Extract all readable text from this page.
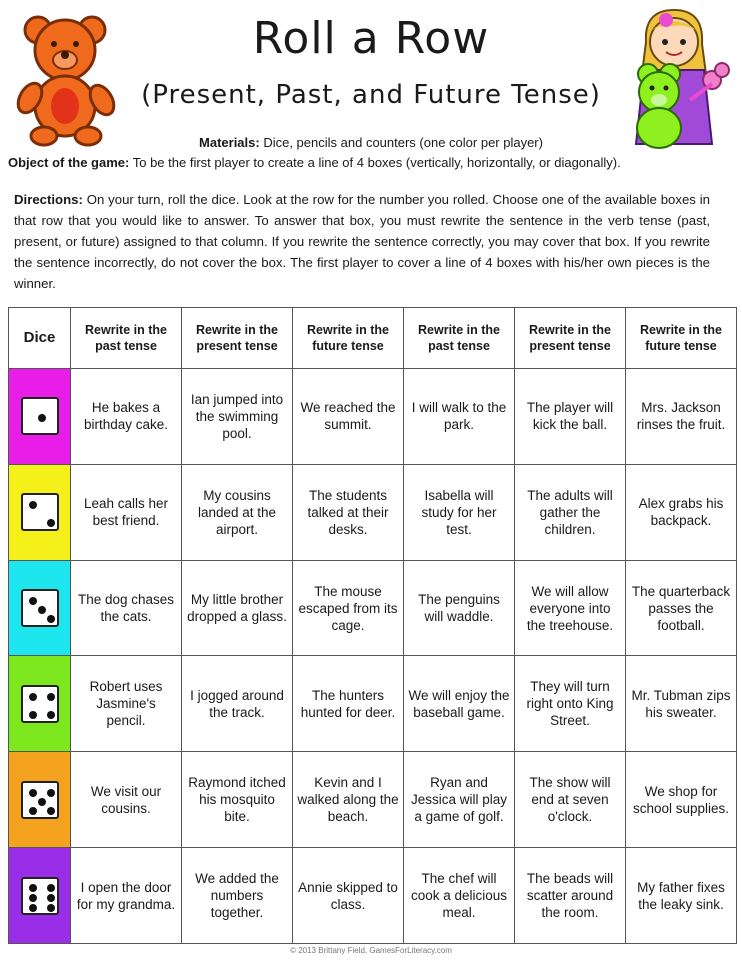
Roll a Row
(Present, Past, and Future Tense)
Materials: Dice, pencils and counters (one color per player)
Object of the game: To be the first player to create a line of 4 boxes (vertically, horizontally, or diagonally).
Directions: On your turn, roll the dice. Look at the row for the number you rolled. Choose one of the available boxes in that row that you would like to answer. To answer that box, you must rewrite the sentence in the verb tense (past, present, or future) assigned to that column. If you rewrite the sentence correctly, you may cover that box. If you rewrite the sentence incorrectly, do not cover the box. The first player to cover a line of 4 boxes with his/her own pieces is the winner.
Dice	Rewrite in the past tense	Rewrite in the present tense	Rewrite in the future tense	Rewrite in the past tense	Rewrite in the present tense	Rewrite in the future tense

	He bakes a birthday cake.	Ian jumped into the swimming pool.	We reached the summit.	I will walk to the park.	The player will kick the ball.	Mrs. Jackson rinses the fruit.

	Leah calls her best friend.	My cousins landed at the airport.	The students talked at their desks.	Isabella will study for her test.	The adults will gather the children.	Alex grabs his backpack.

	The dog chases the cats.	My little brother dropped a glass.	The mouse escaped from its cage.	The penguins will waddle.	We will allow everyone into the treehouse.	The quarterback passes the football.

	Robert uses Jasmine's pencil.	I jogged around the track.	The hunters hunted for deer.	We will enjoy the baseball game.	They will turn right onto King Street.	Mr. Tubman zips his sweater.

	We visit our cousins.	Raymond itched his mosquito bite.	Kevin and I walked along the beach.	Ryan and Jessica will play a game of golf.	The show will end at seven o'clock.	We shop for school supplies.

	I open the door for my grandma.	We added the numbers together.	Annie skipped to class.	The chef will cook a delicious meal.	The beads will scatter around the room.	My father fixes the leaky sink.
© 2013 Brittany Field, GamesForLiteracy.com
